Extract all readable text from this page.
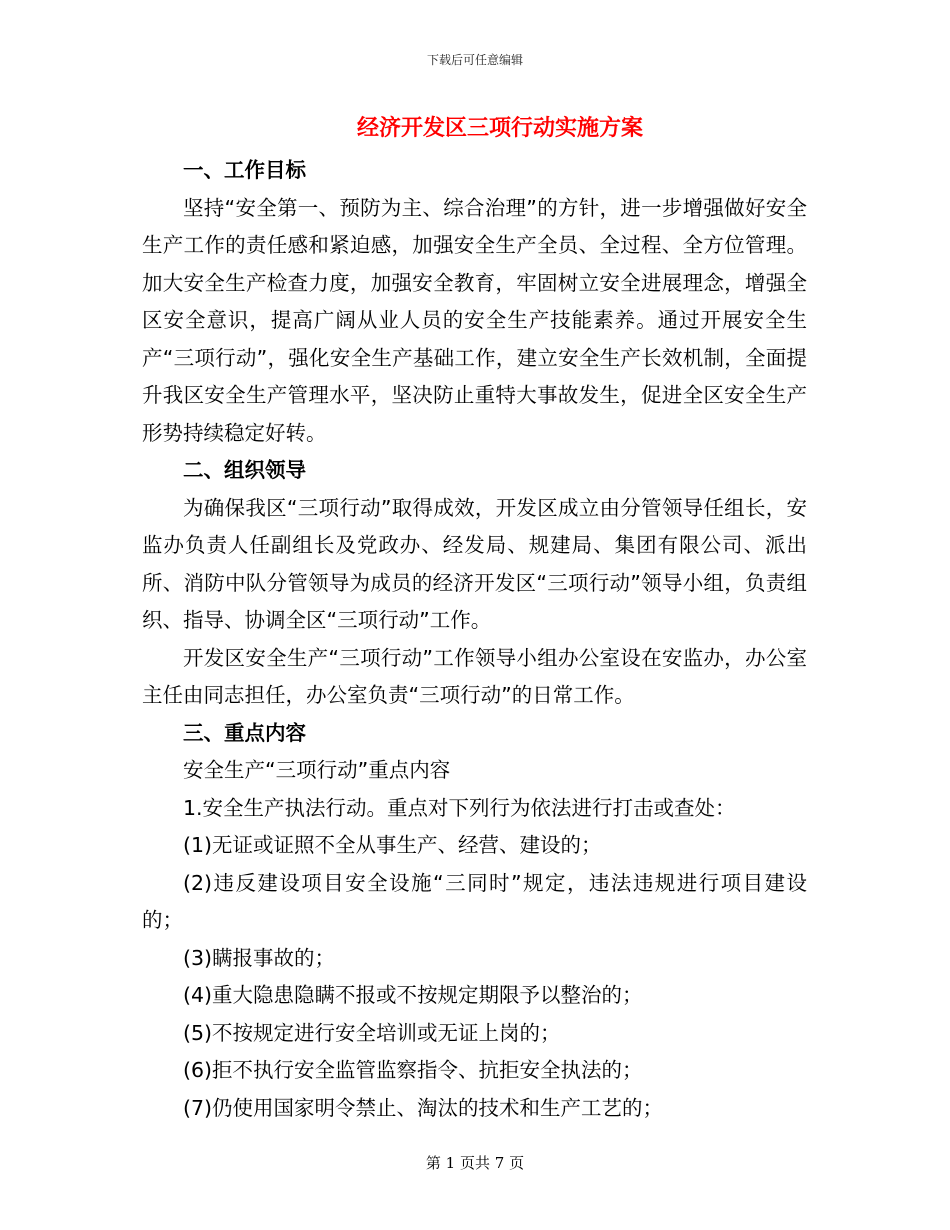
下载后可任意编辑
经济开发区三项行动实施方案

一、工作目标

坚持“安全第一、预防为主、综合治理”的方针，进一步增强做好安全生产工作的责任感和紧迫感，加强安全生产全员、全过程、全方位管理。加大安全生产检查力度，加强安全教育，牢固树立安全进展理念，增强全区安全意识，提高广阔从业人员的安全生产技能素养。通过开展安全生产“三项行动”，强化安全生产基础工作，建立安全生产长效机制，全面提升我区安全生产管理水平，坚决防止重特大事故发生，促进全区安全生产形势持续稳定好转。

二、组织领导

为确保我区“三项行动”取得成效，开发区成立由分管领导任组长，安监办负责人任副组长及党政办、经发局、规建局、集团有限公司、派出所、消防中队分管领导为成员的经济开发区“三项行动”领导小组，负责组织、指导、协调全区“三项行动”工作。

开发区安全生产“三项行动”工作领导小组办公室设在安监办，办公室主任由同志担任，办公室负责“三项行动”的日常工作。

三、重点内容

安全生产“三项行动”重点内容

1.安全生产执法行动。重点对下列行为依法进行打击或查处：

(1)无证或证照不全从事生产、经营、建设的；

(2)违反建设项目安全设施“三同时”规定，违法违规进行项目建设的；

(3)瞒报事故的；

(4)重大隐患隐瞒不报或不按规定期限予以整治的；

(5)不按规定进行安全培训或无证上岗的；

(6)拒不执行安全监管监察指令、抗拒安全执法的；

(7)仍使用国家明令禁止、淘汰的技术和生产工艺的；

第 1 页共 7 页
